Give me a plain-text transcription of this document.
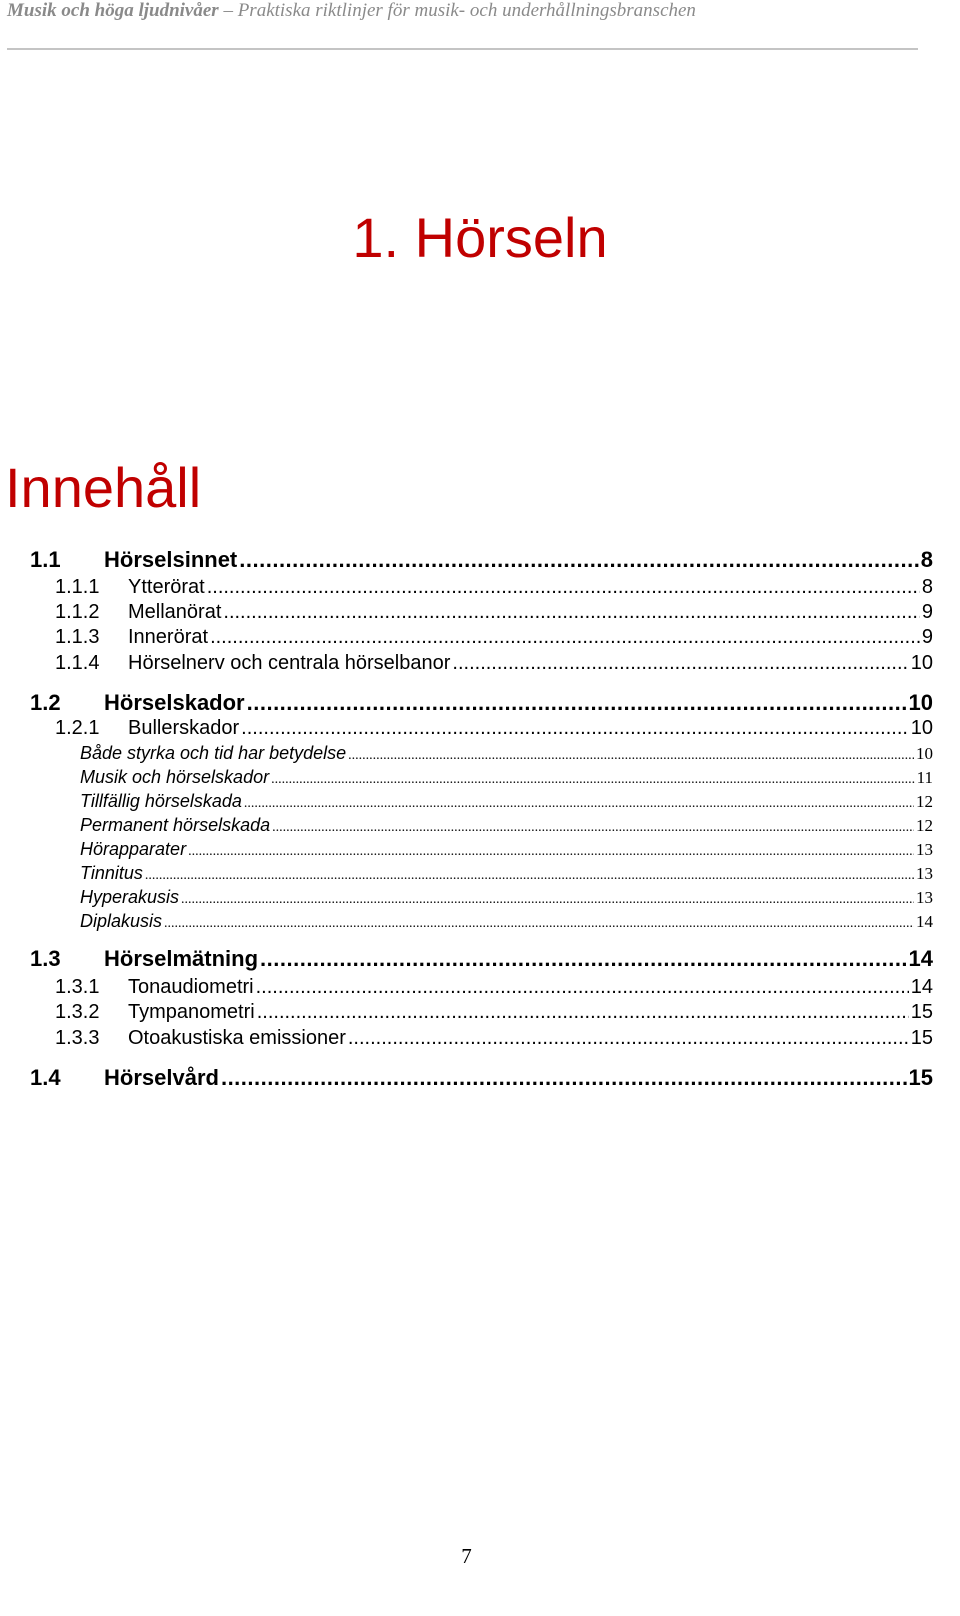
Musik och höga ljudnivåer – Praktiska riktlinjer för musik- och underhållningsbranschen
1. Hörseln
Innehåll
1.1 Hörselsinnet .....	8
1.1.1 Ytterörat .....	8
1.1.2 Mellanörat .....	9
1.1.3 Innerörat .....	9
1.1.4 Hörselnerv och centrala hörselbanor .....	10
1.2 Hörselskador .....	10
1.2.1 Bullerskador .....	10
Både styrka och tid har betydelse .....	10
Musik och hörselskador .....	11
Tillfällig hörselskada .....	12
Permanent hörselskada .....	12
Hörapparater .....	13
Tinnitus .....	13
Hyperakusis .....	13
Diplakusis .....	14
1.3 Hörselmätning .....	14
1.3.1 Tonaudiometri .....	14
1.3.2 Tympanometri .....	15
1.3.3 Otoakustiska emissioner .....	15
1.4 Hörselvård .....	15
7
